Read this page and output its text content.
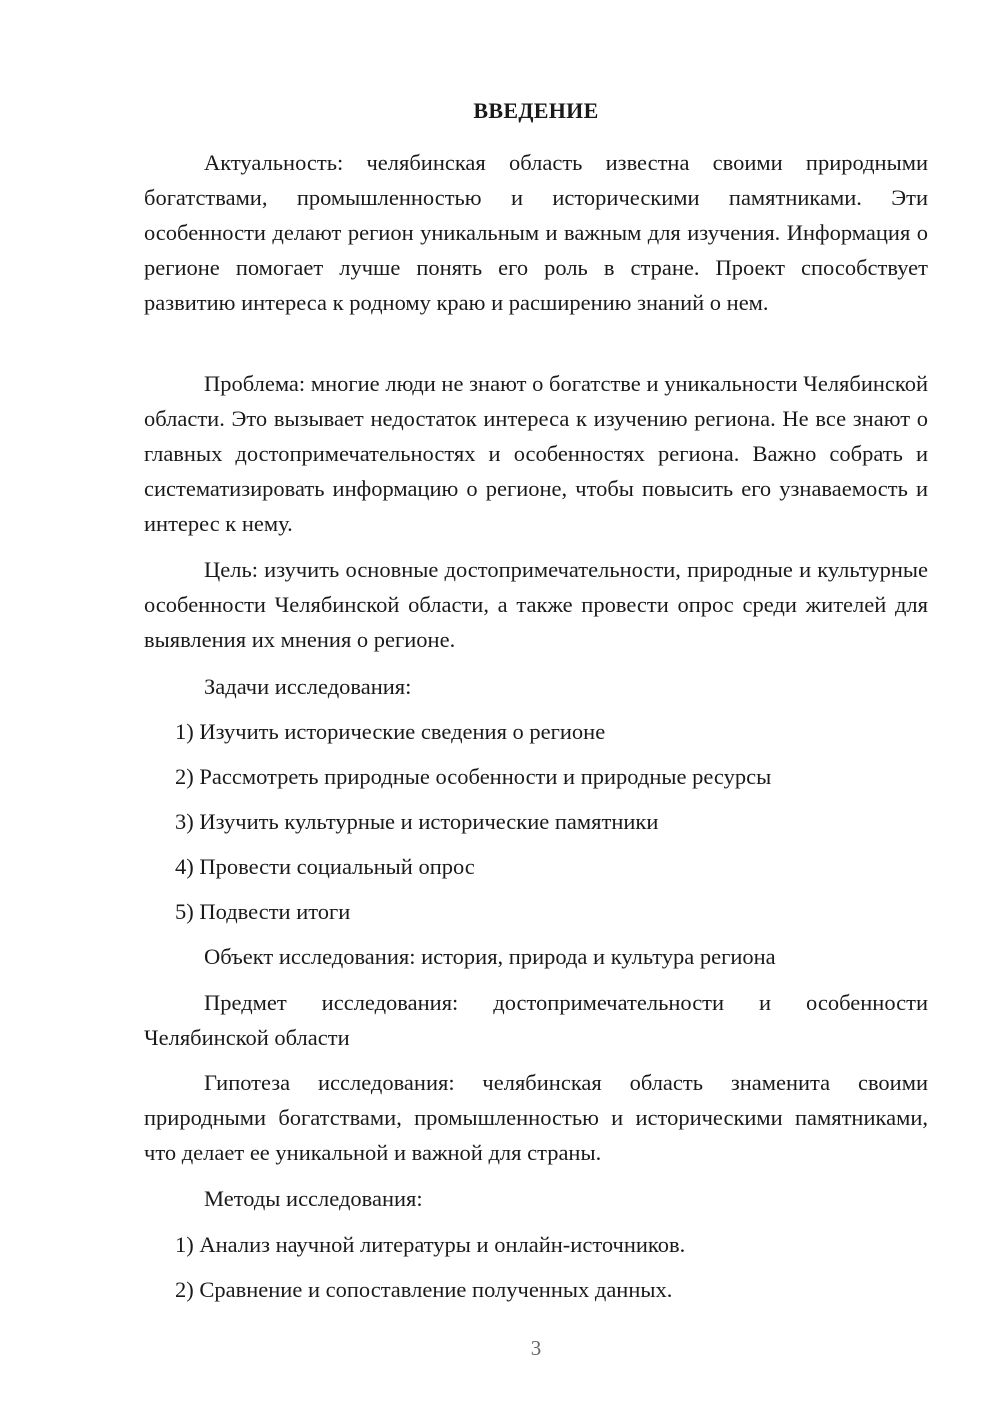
ВВЕДЕНИЕ

Актуальность: челябинская область известна своими природными богатствами, промышленностью и историческими памятниками. Эти особенности делают регион уникальным и важным для изучения. Информация о регионе помогает лучше понять его роль в стране. Проект способствует развитию интереса к родному краю и расширению знаний о нем.

Проблема: многие люди не знают о богатстве и уникальности Челябинской области. Это вызывает недостаток интереса к изучению региона. Не все знают о главных достопримечательностях и особенностях региона. Важно собрать и систематизировать информацию о регионе, чтобы повысить его узнаваемость и интерес к нему.

Цель: изучить основные достопримечательности, природные и культурные особенности Челябинской области, а также провести опрос среди жителей для выявления их мнения о регионе.

Задачи исследования:

1) Изучить исторические сведения о регионе

2) Рассмотреть природные особенности и природные ресурсы

3) Изучить культурные и исторические памятники

4) Провести социальный опрос

5) Подвести итоги

Объект исследования: история, природа и культура региона

Предмет исследования: достопримечательности и особенности Челябинской области

Гипотеза исследования: челябинская область знаменита своими природными богатствами, промышленностью и историческими памятниками, что делает ее уникальной и важной для страны.

Методы исследования:

1) Анализ научной литературы и онлайн-источников.

2) Сравнение и сопоставление полученных данных.

3
